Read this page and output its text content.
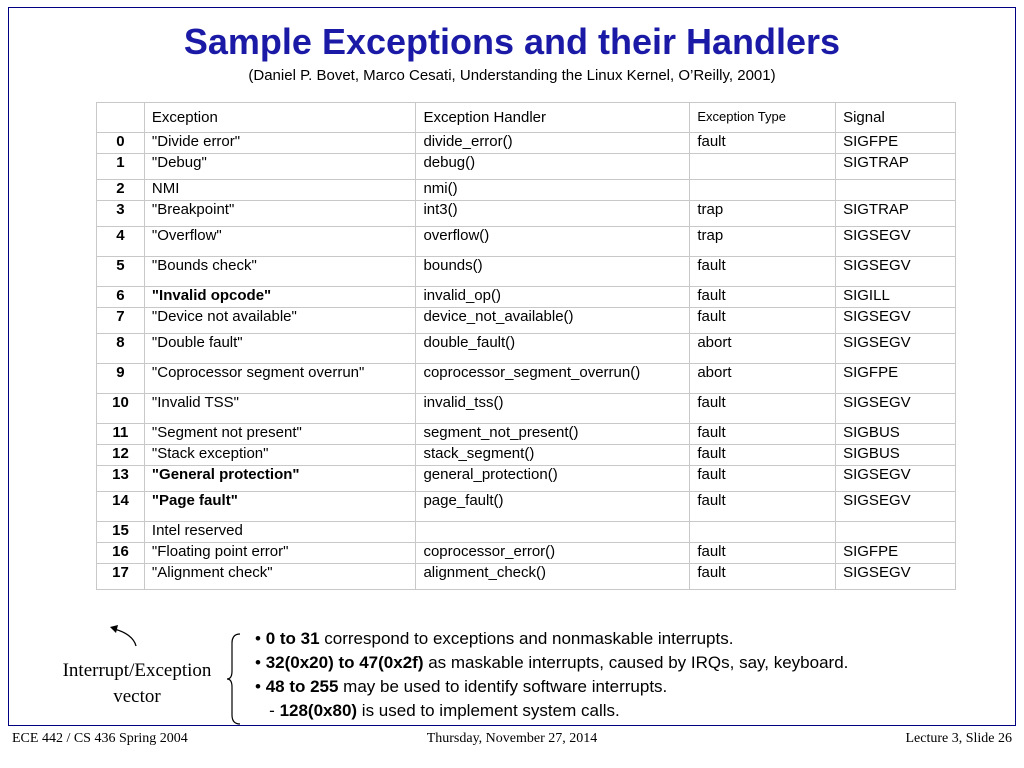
Sample Exceptions and their Handlers
(Daniel P. Bovet, Marco Cesati, Understanding the Linux Kernel, O’Reilly, 2001)
	Exception	Exception Handler	Exception Type	Signal
0	"Divide error"	divide_error()	fault	SIGFPE
1	"Debug"	debug()		SIGTRAP
2	NMI	nmi()		
3	"Breakpoint"	int3()	trap	SIGTRAP
4	"Overflow"	overflow()	trap	SIGSEGV
5	"Bounds check"	bounds()	fault	SIGSEGV
6	"Invalid opcode"	invalid_op()	fault	SIGILL
7	"Device not available"	device_not_available()	fault	SIGSEGV
8	"Double fault"	double_fault()	abort	SIGSEGV
9	"Coprocessor segment overrun"	coprocessor_segment_overrun()	abort	SIGFPE
10	"Invalid TSS"	invalid_tss()	fault	SIGSEGV
11	"Segment not present"	segment_not_present()	fault	SIGBUS
12	"Stack exception"	stack_segment()	fault	SIGBUS
13	"General protection"	general_protection()	fault	SIGSEGV
14	"Page fault"	page_fault()	fault	SIGSEGV
15	Intel reserved			
16	"Floating point error"	coprocessor_error()	fault	SIGFPE
17	"Alignment check"	alignment_check()	fault	SIGSEGV
Interrupt/Exception
vector
• 0 to 31 correspond to exceptions and nonmaskable interrupts.
• 32(0x20) to 47(0x2f) as maskable interrupts, caused by IRQs, say, keyboard.
• 48 to 255 may be used to identify software interrupts.
- 128(0x80) is used to implement system calls.
ECE 442 / CS 436 Spring 2004	Thursday, November 27, 2014	Lecture 3, Slide 26
